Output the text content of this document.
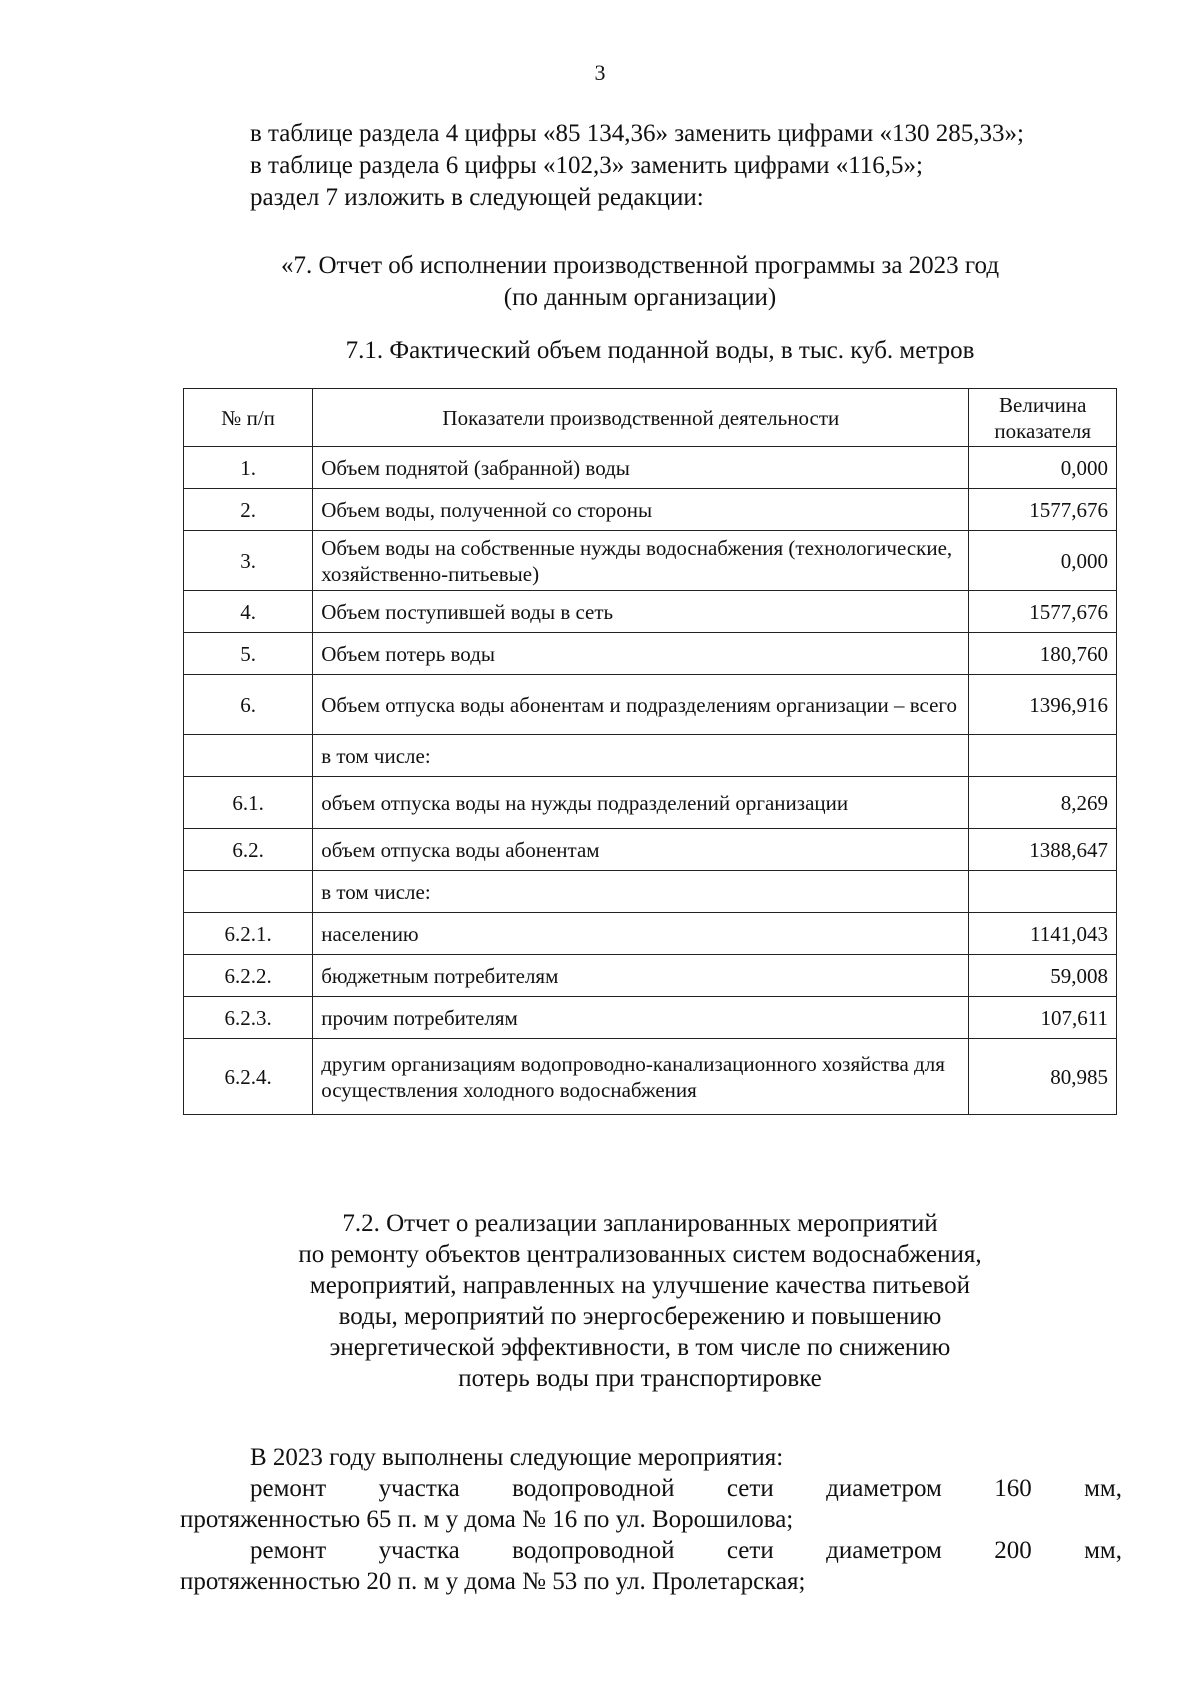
3
в таблице раздела 4 цифры «85 134,36» заменить цифрами «130 285,33»;
в таблице раздела 6 цифры «102,3» заменить цифрами «116,5»;
раздел 7 изложить в следующей редакции:
«7. Отчет об исполнении производственной программы за 2023 год
(по данным организации)
7.1. Фактический объем поданной воды, в тыс. куб. метров
№ п/п	Показатели производственной деятельности	Величина показателя
1.	Объем поднятой (забранной) воды	0,000
2.	Объем воды, полученной со стороны	1577,676
3.	Объем воды на собственные нужды водоснабжения (технологические, хозяйственно-питьевые)	0,000
4.	Объем поступившей воды в сеть	1577,676
5.	Объем потерь воды	180,760
6.	Объем отпуска воды абонентам и подразделениям организации – всего	1396,916
	в том числе:	
6.1.	объем отпуска воды на нужды подразделений организации	8,269
6.2.	объем отпуска воды абонентам	1388,647
	в том числе:	
6.2.1.	населению	1141,043
6.2.2.	бюджетным потребителям	59,008
6.2.3.	прочим потребителям	107,611
6.2.4.	другим организациям водопроводно-канализационного хозяйства для осуществления холодного водоснабжения	80,985
7.2. Отчет о реализации запланированных мероприятий
по ремонту объектов централизованных систем водоснабжения,
мероприятий, направленных на улучшение качества питьевой
воды, мероприятий по энергосбережению и повышению
энергетической эффективности, в том числе по снижению
потерь воды при транспортировке
В 2023 году выполнены следующие мероприятия:
ремонт участка водопроводной сети диаметром 160 мм,
протяженностью 65 п. м у дома № 16 по ул. Ворошилова;
ремонт участка водопроводной сети диаметром 200 мм,
протяженностью 20 п. м у дома № 53 по ул. Пролетарская;
